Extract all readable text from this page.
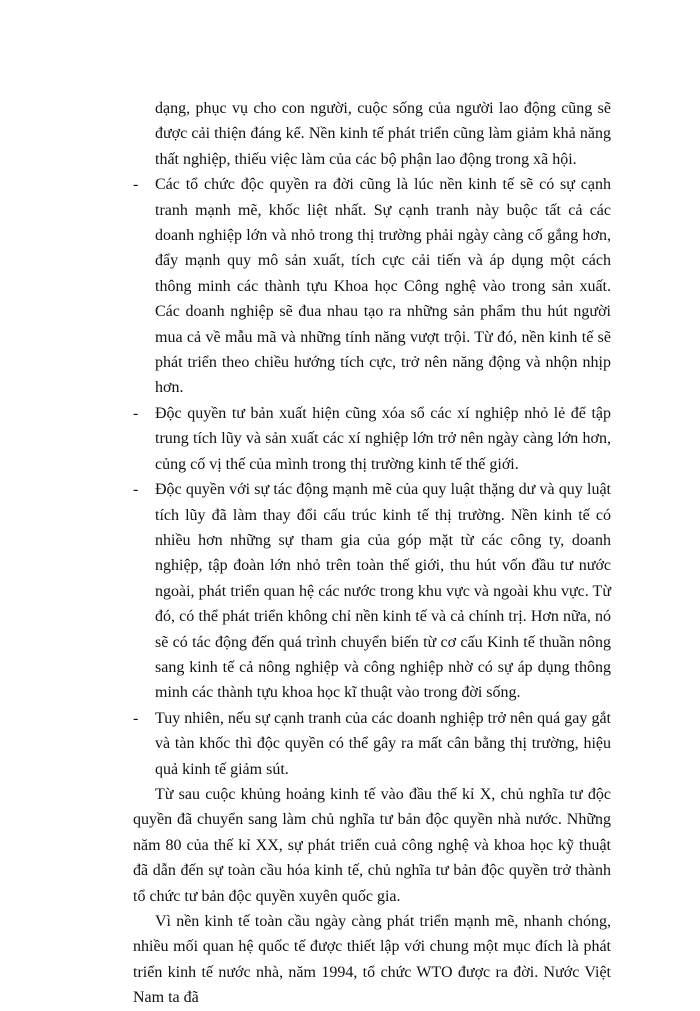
dạng, phục vụ cho con người, cuộc sống của người lao động cũng sẽ được cải thiện đáng kể. Nền kinh tế phát triển cũng làm giảm khả năng thất nghiệp, thiếu việc làm của các bộ phận lao động trong xã hội.

-	Các tổ chức độc quyền ra đời cũng là lúc nền kinh tế sẽ có sự cạnh tranh mạnh mẽ, khốc liệt nhất. Sự cạnh tranh này buộc tất cả các doanh nghiệp lớn và nhỏ trong thị trường phải ngày càng cố gắng hơn, đẩy mạnh quy mô sản xuất, tích cực cải tiến và áp dụng một cách thông minh các thành tựu Khoa học Công nghệ vào trong sản xuất. Các doanh nghiệp sẽ đua nhau tạo ra những sản phẩm thu hút người mua cả về mẫu mã và những tính năng vượt trội. Từ đó, nền kinh tế sẽ phát triển theo chiều hướng tích cực, trở nên năng động và nhộn nhịp hơn.
-	Độc quyền tư bản xuất hiện cũng xóa sổ các xí nghiệp nhỏ lẻ để tập trung tích lũy và sản xuất các xí nghiệp lớn trở nên ngày càng lớn hơn, củng cố vị thế của mình trong thị trường kinh tế thế giới.
-	Độc quyền với sự tác động mạnh mẽ của quy luật thặng dư và quy luật tích lũy đã làm thay đổi cấu trúc kinh tế thị trường. Nền kinh tế có nhiều hơn những sự tham gia của góp mặt từ các công ty, doanh nghiệp, tập đoàn lớn nhỏ trên toàn thế giới, thu hút vốn đầu tư nước ngoài, phát triển quan hệ các nước trong khu vực và ngoài khu vực. Từ đó, có thể phát triển không chỉ nền kinh tế và cả chính trị. Hơn nữa, nó sẽ có tác động đến quá trình chuyển biến từ cơ cấu Kinh tế thuần nông sang kinh tế cả nông nghiệp và công nghiệp nhờ có sự áp dụng thông minh các thành tựu khoa học kĩ thuật vào trong đời sống.
-	Tuy nhiên, nếu sự cạnh tranh của các doanh nghiệp trở nên quá gay gắt và tàn khốc thì độc quyền có thể gây ra mất cân bằng thị trường, hiệu quả kinh tế giảm sút.

Từ sau cuộc khủng hoảng kinh tế vào đầu thế kỉ X, chủ nghĩa tư độc quyền đã chuyển sang làm chủ nghĩa tư bản độc quyền nhà nước. Những năm 80 của thế kỉ XX, sự phát triển cuả công nghệ và khoa học kỹ thuật đã dẫn đến sự toàn cầu hóa kinh tế, chủ nghĩa tư bản độc quyền trở thành tổ chức tư bản độc quyền xuyên quốc gia.

Vì nền kinh tế toàn cầu ngày càng phát triển mạnh mẽ, nhanh chóng, nhiều mối quan hệ quốc tế được thiết lập với chung một mục đích là phát triển kinh tế nước nhà, năm 1994, tổ chức WTO được ra đời. Nước Việt Nam ta đã
